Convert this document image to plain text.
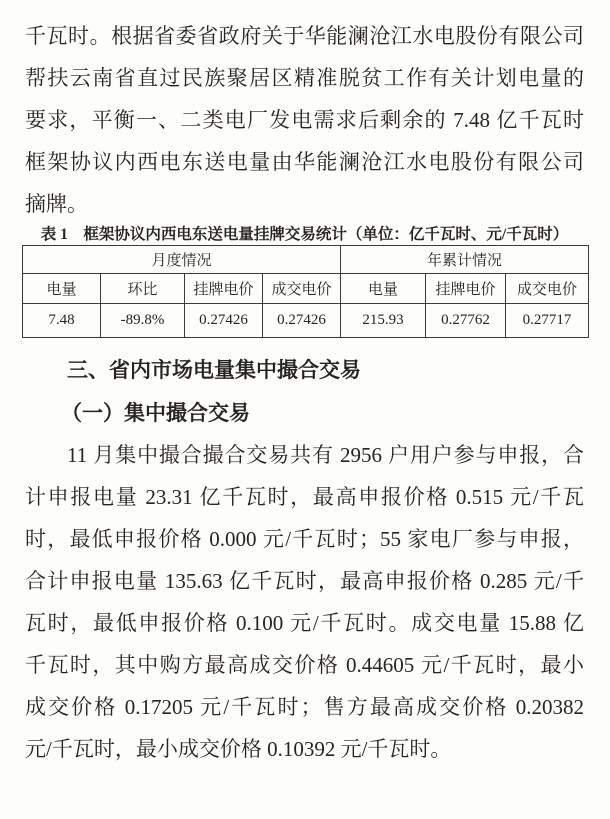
千瓦时。根据省委省政府关于华能澜沧江水电股份有限公司
帮扶云南省直过民族聚居区精准脱贫工作有关计划电量的
要求，平衡一、二类电厂发电需求后剩余的 7.48 亿千瓦时
框架协议内西电东送电量由华能澜沧江水电股份有限公司
摘牌。
表 1　框架协议内西电东送电量挂牌交易统计（单位：亿千瓦时、元/千瓦时）
月度情况				年累计情况		
电量	环比	挂牌电价	成交电价	电量	挂牌电价	成交电价
7.48	-89.8%	0.27426	0.27426	215.93	0.27762	0.27717
三、省内市场电量集中撮合交易
（一）集中撮合交易
11 月集中撮合撮合交易共有 2956 户用户参与申报，合
计申报电量 23.31 亿千瓦时，最高申报价格 0.515 元/千瓦
时，最低申报价格 0.000 元/千瓦时；55 家电厂参与申报，
合计申报电量 135.63 亿千瓦时，最高申报价格 0.285 元/千
瓦时，最低申报价格 0.100 元/千瓦时。成交电量 15.88 亿
千瓦时，其中购方最高成交价格 0.44605 元/千瓦时，最小
成交价格 0.17205 元/千瓦时；售方最高成交价格 0.20382
元/千瓦时，最小成交价格 0.10392 元/千瓦时。
